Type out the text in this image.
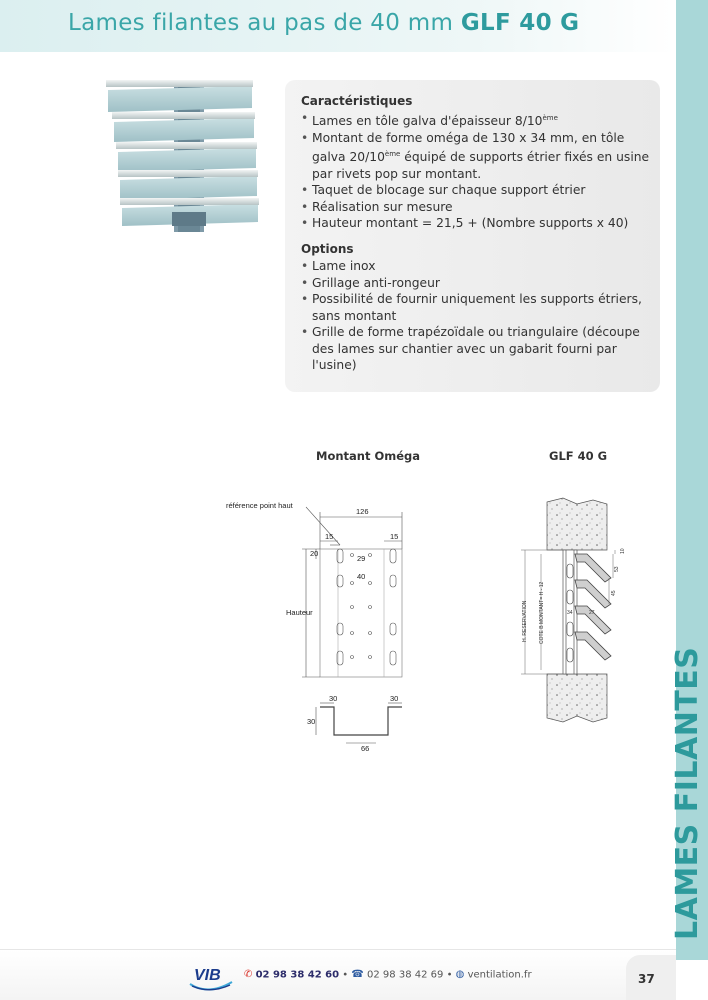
Lames filantes au pas de 40 mm GLF 40 G
LAMES FILANTES
Caractéristiques
• Lames en tôle galva d'épaisseur 8/10ème
• Montant de forme oméga de 130 x 34 mm, en tôle galva 20/10ème équipé de supports étrier fixés en usine par rivets pop sur montant.
• Taquet de blocage sur chaque support étrier
• Réalisation sur mesure
• Hauteur montant = 21,5 + (Nombre supports x 40)
Options
• Lame inox
• Grillage anti-rongeur
• Possibilité de fournir uniquement les supports étriers, sans montant
• Grille de forme trapézoïdale ou triangulaire (découpe des lames sur chantier avec un gabarit fourni par l'usine)
Montant Oméga	GLF 40 G
référence point haut
126
15	15
20
29
40
Hauteur
30	30
30
66
H. RESERVATION COTE B MONTANT= H - 12
10
53
45
34	27
VIB ✆ 02 98 38 42 60 • ☎ 02 98 38 42 69 • ◍ ventilation.fr	37
